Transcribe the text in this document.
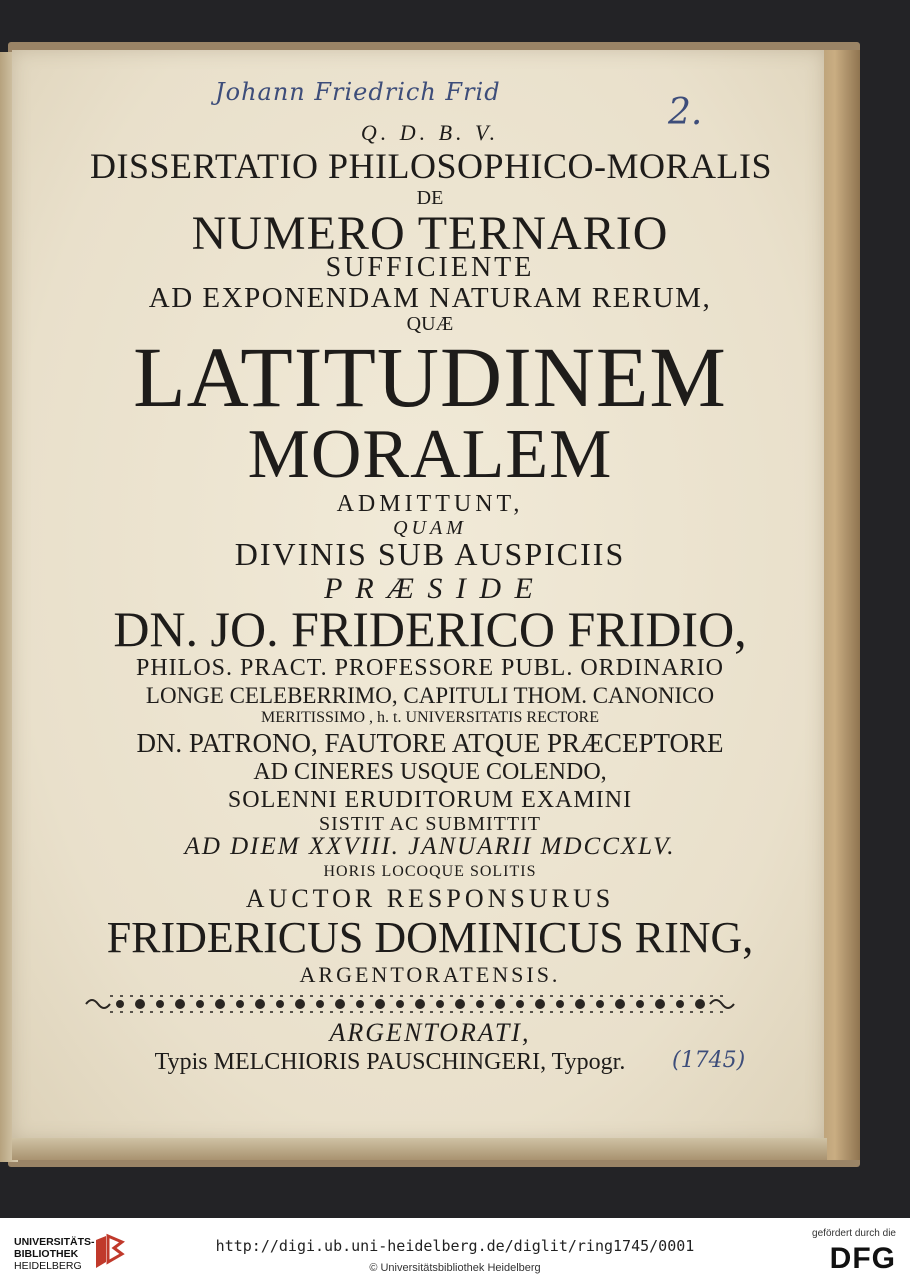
Johann Friedrich Frid	2.
Q. D. B. V.
DISSERTATIO PHILOSOPHICO-MORALIS
DE
NUMERO TERNARIO
SUFFICIENTE
AD EXPONENDAM NATURAM RERUM,
QUÆ
LATITUDINEM
MORALEM
ADMITTUNT,
QUAM
DIVINIS SUB AUSPICIIS
P R Æ S I D E
DN. JO. FRIDERICO FRIDIO,
PHILOS. PRACT. PROFESSORE PUBL. ORDINARIO
LONGE CELEBERRIMO, CAPITULI THOM. CANONICO
MERITISSIMO , h. t. UNIVERSITATIS RECTORE
DN. PATRONO, FAUTORE ATQUE PRÆCEPTORE
AD CINERES USQUE COLENDO,
SOLENNI ERUDITORUM EXAMINI
SISTIT AC SUBMITTIT
AD DIEM XXVIII. JANUARII MDCCXLV.
HORIS LOCOQUE SOLITIS
AUCTOR RESPONSURUS
FRIDERICUS DOMINICUS RING,
ARGENTORATENSIS.
ARGENTORATI,
Typis MELCHIORIS PAUSCHINGERI, Typogr.	(1745)
UNIVERSITÄTS-
BIBLIOTHEK
HEIDELBERG
http://digi.ub.uni-heidelberg.de/diglit/ring1745/0001
© Universitätsbibliothek Heidelberg
gefördert durch die
DFG
